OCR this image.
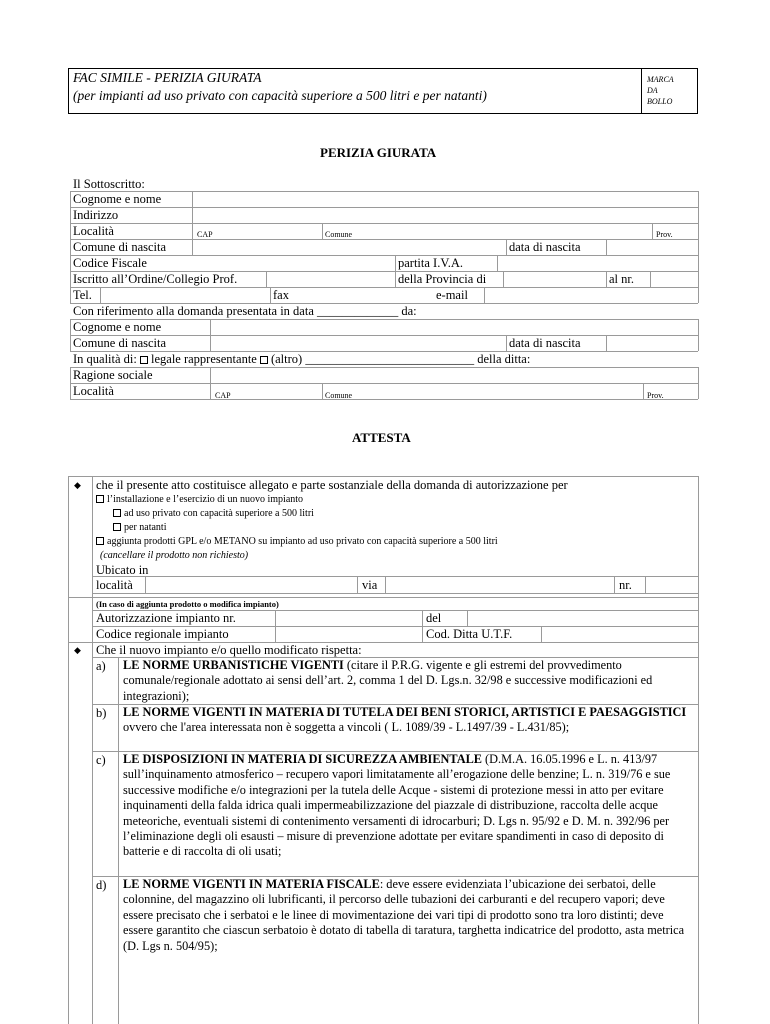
FAC SIMILE - PERIZIA GIURATA
(per impianti ad uso privato con capacità superiore a 500 litri e per natanti)
MARCA
DA
BOLLO
PERIZIA GIURATA
Il Sottoscritto:
Cognome e nome
Indirizzo
Località	CAP	Comune	Prov.
Comune di nascita	data di nascita
Codice Fiscale	partita I.V.A.
Iscritto all’Ordine/Collegio Prof.	della Provincia di	al nr.
Tel.	fax	e-mail
Con riferimento alla domanda presentata in data _____________ da:
Cognome e nome
Comune di nascita	data di nascita
In qualità di: legale rappresentante (altro) ___________________________ della ditta:
Ragione sociale
Località	CAP	Comune	Prov.
ATTESTA
◆ che il presente atto costituisce allegato e parte sostanziale della domanda di autorizzazione per
l’installazione e l’esercizio di un nuovo impianto
ad uso privato con capacità superiore a 500 litri
per natanti
aggiunta prodotti GPL e/o METANO su impianto ad uso privato con capacità superiore a 500 litri
(cancellare il prodotto non richiesto)
Ubicato in
località	via	nr.
(In caso di aggiunta prodotto o modifica impianto)
Autorizzazione impianto nr.	del
Codice regionale impianto	Cod. Ditta U.T.F.
◆ Che il nuovo impianto e/o quello modificato rispetta:
a) LE NORME URBANISTICHE VIGENTI (citare il P.R.G. vigente e gli estremi del provvedimento comunale/regionale adottato ai sensi dell’art. 2, comma 1 del D. Lgs.n. 32/98 e successive modificazioni ed integrazioni);
b) LE NORME VIGENTI IN MATERIA DI TUTELA DEI BENI STORICI, ARTISTICI E PAESAGGISTICI ovvero che l'area interessata non è soggetta a vincoli ( L. 1089/39 - L.1497/39 - L.431/85);
c) LE DISPOSIZIONI IN MATERIA DI SICUREZZA AMBIENTALE (D.M.A. 16.05.1996 e L. n. 413/97 sull’inquinamento atmosferico – recupero vapori limitatamente all’erogazione delle benzine; L. n. 319/76 e sue successive modifiche e/o integrazioni per la tutela delle Acque - sistemi di protezione messi in atto per evitare inquinamenti della falda idrica quali impermeabilizzazione del piazzale di distribuzione, raccolta delle acque meteoriche, eventuali sistemi di contenimento versamenti di idrocarburi; D. Lgs n. 95/92 e D. M. n. 392/96 per l’eliminazione degli oli esausti – misure di prevenzione adottate per evitare spandimenti in caso di deposito di batterie e di raccolta di oli usati;
d) LE NORME VIGENTI IN MATERIA FISCALE: deve essere evidenziata l’ubicazione dei serbatoi, delle colonnine, del magazzino oli lubrificanti, il percorso delle tubazioni dei carburanti e del recupero vapori; deve essere precisato che i serbatoi e le linee di movimentazione dei vari tipi di prodotto sono tra loro distinti; deve essere garantito che ciascun serbatoio è dotato di tabella di taratura, targhetta indicatrice del prodotto, asta metrica (D. Lgs n. 504/95);
